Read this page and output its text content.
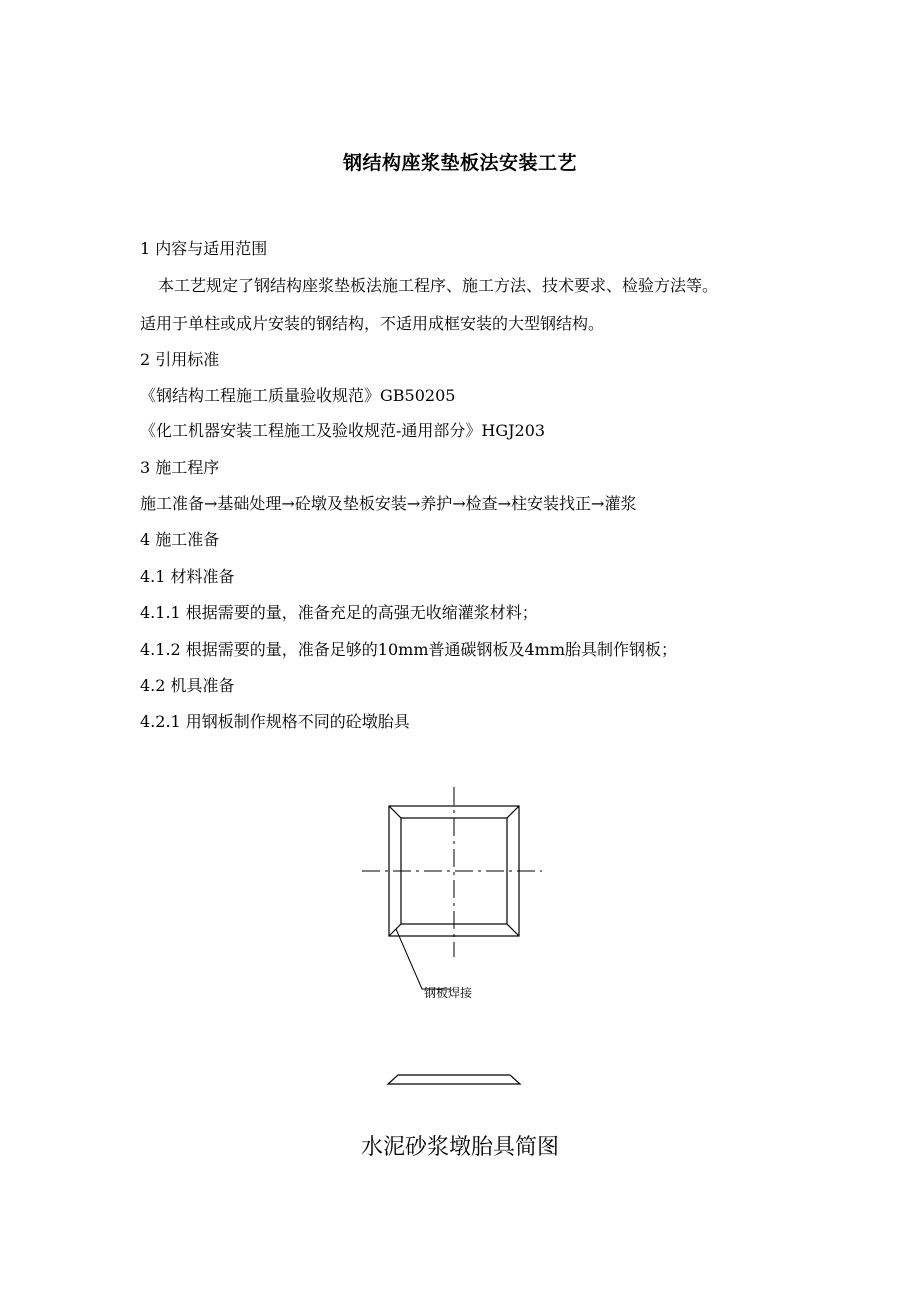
钢结构座浆垫板法安装工艺
1 内容与适用范围
本工艺规定了钢结构座浆垫板法施工程序、施工方法、技术要求、检验方法等。
适用于单柱或成片安装的钢结构，不适用成框安装的大型钢结构。
2 引用标准
《钢结构工程施工质量验收规范》GB50205
《化工机器安装工程施工及验收规范-通用部分》HGJ203
3 施工程序
施工准备→基础处理→砼墩及垫板安装→养护→检查→柱安装找正→灌浆
4 施工准备
4.1 材料准备
4.1.1 根据需要的量，准备充足的高强无收缩灌浆材料；
4.1.2 根据需要的量，准备足够的10mm普通碳钢板及4mm胎具制作钢板；
4.2 机具准备
4.2.1 用钢板制作规格不同的砼墩胎具
钢板焊接
水泥砂浆墩胎具简图
